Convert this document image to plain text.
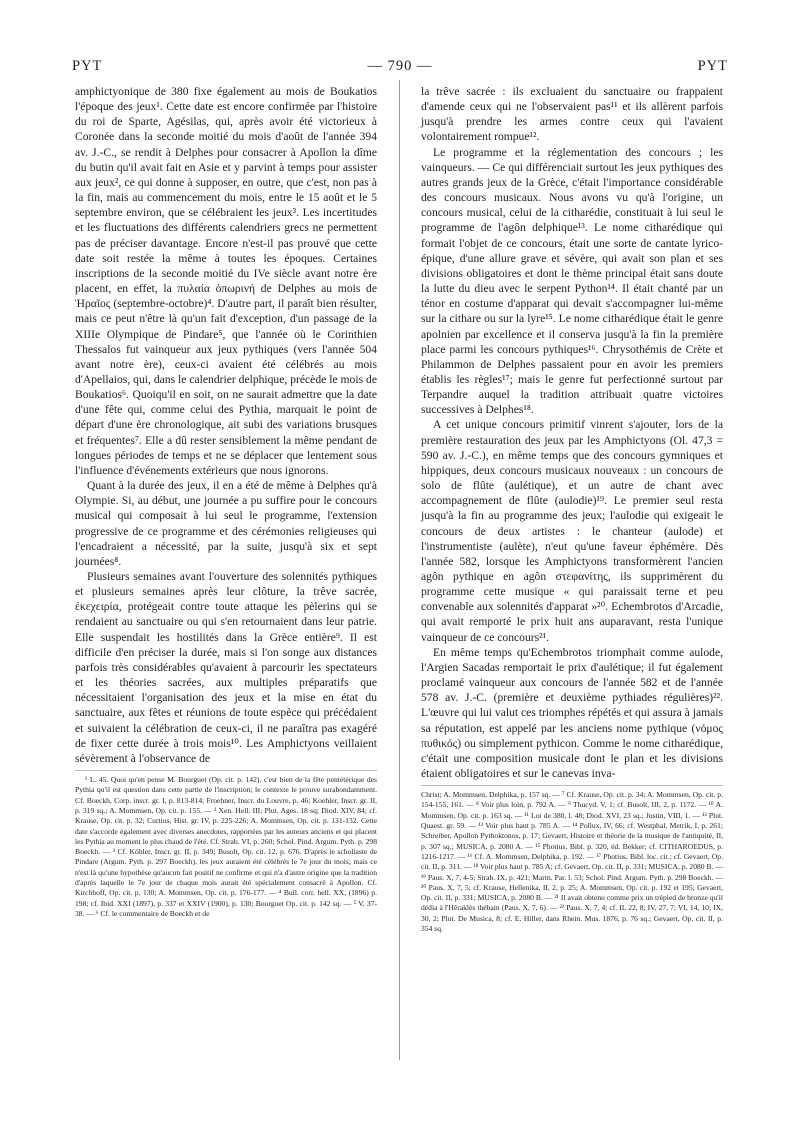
— 790 —
PYT	PYT

amphictyonique de 380 fixe également au mois de Boukatios l'époque des jeux¹. Cette date est encore confirmée par l'histoire du roi de Sparte, Agésilas, qui, après avoir été victorieux à Coronée dans la seconde moitié du mois d'août de l'année 394 av. J.-C., se rendit à Delphes pour consacrer à Apollon la dîme du butin qu'il avait fait en Asie et y parvint à temps pour assister aux jeux², ce qui donne à supposer, en outre, que c'est, non pas à la fin, mais au commencement du mois, entre le 15 août et le 5 septembre environ, que se célébraient les jeux³. Les incertitudes et les fluctuations des différents calendriers grecs ne permettent pas de préciser davantage. Encore n'est-il pas prouvé que cette date soit restée la même à toutes les époques. Certaines inscriptions de la seconde moitié du IVe siècle avant notre ère placent, en effet, la πυλαία ὀπωρινή de Delphes au mois de Ἡραῖος (septembre-octobre)⁴. D'autre part, il paraît bien résulter, mais ce peut n'être là qu'un fait d'exception, d'un passage de la XIIIe Olympique de Pindare⁵, que l'année où le Corinthien Thessalos fut vainqueur aux jeux pythiques (vers l'année 504 avant notre ère), ceux-ci avaient été célébrés au mois d'Apellaios, qui, dans le calendrier delphique, précède le mois de Boukatios⁶. Quoiqu'il en soit, on ne saurait admettre que la date d'une fête qui, comme celui des Pythia, marquait le point de départ d'une ère chronologique, ait subi des variations brusques et fréquentes⁷. Elle a dû rester sensiblement la même pendant de longues périodes de temps et ne se déplacer que lentement sous l'influence d'événements extérieurs que nous ignorons.

Quant à la durée des jeux, il en a été de même à Delphes qu'à Olympie. Si, au début, une journée a pu suffire pour le concours musical qui composait à lui seul le programme, l'extension progressive de ce programme et des cérémonies religieuses qui l'encadraient a nécessité, par la suite, jusqu'à six et sept journées⁸.

Plusieurs semaines avant l'ouverture des solennités pythiques et plusieurs semaines après leur clôture, la trêve sacrée, ἐκεχειρία, protégeait contre toute attaque les pèlerins qui se rendaient au sanctuaire ou qui s'en retournaient dans leur patrie. Elle suspendait les hostilités dans la Grèce entière⁹. Il est difficile d'en préciser la durée, mais si l'on songe aux distances parfois très considérables qu'avaient à parcourir les spectateurs et les théories sacrées, aux multiples préparatifs que nécessitaient l'organisation des jeux et la mise en état du sanctuaire, aux fêtes et réunions de toute espèce qui précédaient et suivaient la célébration de ceux-ci, il ne paraîtra pas exagéré de fixer cette durée à trois mois¹⁰. Les Amphictyons veillaient sévèrement à l'observance de

¹ L. 45. Quoi qu'en pense M. Bourguet (Op. cit. p. 142), c'est bien de la fête pentétérique des Pythia qu'il est question dans cette partie de l'inscription; le contexte le prouve surabondamment. Cf. Boeckh, Corp. inscr. gr. I, p. 813-814; Froehner, Inscr. du Louvre, p. 46; Koehler, Inscr. gr. II, p. 319 sq.; A. Mommsen, Op. cit. p. 155. — ² Xen. Hell. III; Plut. Ages. 18 sq; Diod. XIV, 84; cf. Krause, Op. cit. p. 32; Curtius, Hist. gr. IV, p. 225-226; A. Mommsen, Op. cit. p. 131-132. Cette date s'accorde également avec diverses anecdotes, rapportées par les auteurs anciens et qui placent les Pythia au moment le plus chaud de l'été. Cf. Strab. VI, p. 260; Schol. Pind. Argum. Pyth. p. 298 Boeckh. — ³ Cf. Köhler, Inscr. gr. II, p. 349; Busolt, Op. cit. 12, p. 676. D'après le scholiaste de Pindare (Argum. Pyth. p. 297 Boeckh), les jeux auraient été célébrés le 7e jour du mois; mais ce n'est là qu'une hypothèse qu'aucun fait positif ne confirme et qui n'a d'autre origine que la tradition d'après laquelle le 7e jour de chaque mois aurait été spécialement consacré à Apollon. Cf. Kirchhoff, Op. cit. p. 130; A. Mommsen, Op. cit. p. 176-177. — ⁴ Bull. corr. hell. XX, (1896) p. 198; cf. Ibid. XXI (1897), p. 337 et XXIV (1900), p. 130; Bourguet Op. cit. p. 142 sq. — ⁵ V, 37-38. — ⁶ Cf. le commentaire de Boeckh et de

la trêve sacrée : ils excluaient du sanctuaire ou frappaient d'amende ceux qui ne l'observaient pas¹¹ et ils allèrent parfois jusqu'à prendre les armes contre ceux qui l'avaient volontairement rompue¹².

Le programme et la réglementation des concours ; les vainqueurs. — Ce qui différenciait surtout les jeux pythiques des autres grands jeux de la Grèce, c'était l'importance considérable des concours musicaux. Nous avons vu qu'à l'origine, un concours musical, celui de la citharédie, constituait à lui seul le programme de l'agôn delphique¹³. Le nome citharédique qui formait l'objet de ce concours, était une sorte de cantate lyrico-épique, d'une allure grave et sévère, qui avait son plan et ses divisions obligatoires et dont le thème principal était sans doute la lutte du dieu avec le serpent Python¹⁴. Il était chanté par un ténor en costume d'apparat qui devait s'accompagner lui-même sur la cithare ou sur la lyre¹⁵. Le nome citharédique était le genre apolnien par excellence et il conserva jusqu'à la fin la première place parmi les concours pythiques¹⁶. Chrysothémis de Crète et Philammon de Delphes passaient pour en avoir les premiers établis les règles¹⁷; mais le genre fut perfectionné surtout par Terpandre auquel la tradition attribuait quatre victoires successives à Delphes¹⁸.

A cet unique concours primitif vinrent s'ajouter, lors de la première restauration des jeux par les Amphictyons (Ol. 47,3 = 590 av. J.-C.), en même temps que des concours gymniques et hippiques, deux concours musicaux nouveaux : un concours de solo de flûte (aulétique), et un autre de chant avec accompagnement de flûte (aulodie)¹⁹. Le premier seul resta jusqu'à la fin au programme des jeux; l'aulodie qui exigeait le concours de deux artistes : le chanteur (aulode) et l'instrumentiste (aulète), n'eut qu'une faveur éphémère. Dès l'année 582, lorsque les Amphictyons transformèrent l'ancien agôn pythique en agôn στεφανίτης, ils supprimèrent du programme cette musique « qui paraissait terne et peu convenable aux solennités d'apparat »²⁰. Echembrotos d'Arcadie, qui avait remporté le prix huit ans auparavant, resta l'unique vainqueur de ce concours²¹.

En même temps qu'Echembrotos triomphait comme aulode, l'Argien Sacadas remportait le prix d'aulétique; il fut également proclamé vainqueur aux concours de l'année 582 et de l'année 578 av. J.-C. (première et deuxième pythiades régulières)²². L'œuvre qui lui valut ces triomphes répétés et qui assura à jamais sa réputation, est appelé par les anciens nome pythique (νόμος πυθικός) ou simplement pythicon. Comme le nome citharédique, c'était une composition musicale dont le plan et les divisions étaient obligatoires et sur le canevas inva-

Christ; A. Mommsen, Delphika, p. 157 sq. — ⁷ Cf. Krause, Op. cit. p. 34; A. Mommsen, Op. cit. p. 154-155, 161. — ⁸ Voir plus loin, p. 792 A. — ⁹ Thucyd. V, 1; cf. Busolt, III, 2, p. 1172. — ¹⁰ A. Mommsen, Op. cit. p. 163 sq. — ¹¹ Loi de 380, l. 48; Diod. XVI, 23 sq.; Justin, VIII, 1. — ¹² Plut. Quaest. gr. 59. — ¹³ Voir plus haut p. 785 A. — ¹⁴ Pollux, IV, 66; cf. Westphal, Metrik, I, p. 261; Schreiber, Apollon Pythoktonos, p. 17; Gevaert, Histoire et théorie de la musique de l'antiquité, II, p. 307 sq.; MUSICA, p. 2080 A. — ¹⁵ Photius, Bibl. p. 320, éd. Bekker; cf. CITHAROEDUS, p. 1216-1217. — ¹⁶ Cf. A. Mommsen, Delphika, p. 192. — ¹⁷ Photius, Bibl. loc. cit.; cf. Gevaert, Op. cit. II, p. 311. — ¹⁸ Voir plus haut p. 785 A; cf. Gevaert, Op. cit. II, p. 331; MUSICA, p. 2080 B. — ¹⁹ Paus. X, 7, 4-5; Strab. IX, p. 421; Marm. Par. l. 53; Schol. Pind. Argum. Pyth. p. 298 Boeckh. — ²⁰ Paus. X, 7, 5; cf. Krause, Hellenika, II, 2, p. 25; A. Mommsen, Op. cit. p. 192 et 195; Gevaert, Op. cit. II, p. 331; MUSICA, p. 2080 B. — ²¹ Il avait obtenu comme prix un trépied de bronze qu'il dédia à l'Hêraklès thébain (Paus. X, 7, 6). — ²² Paus. X, 7, 4; cf. II, 22, 8; IV, 27, 7; VI, 14, 10; IX, 30, 2; Plut. De Musica, 8; cf. E. Hiller, dans Rhein. Mus. 1876, p. 76 sq.; Gevaert, Op. cit. II, p. 354 sq.
